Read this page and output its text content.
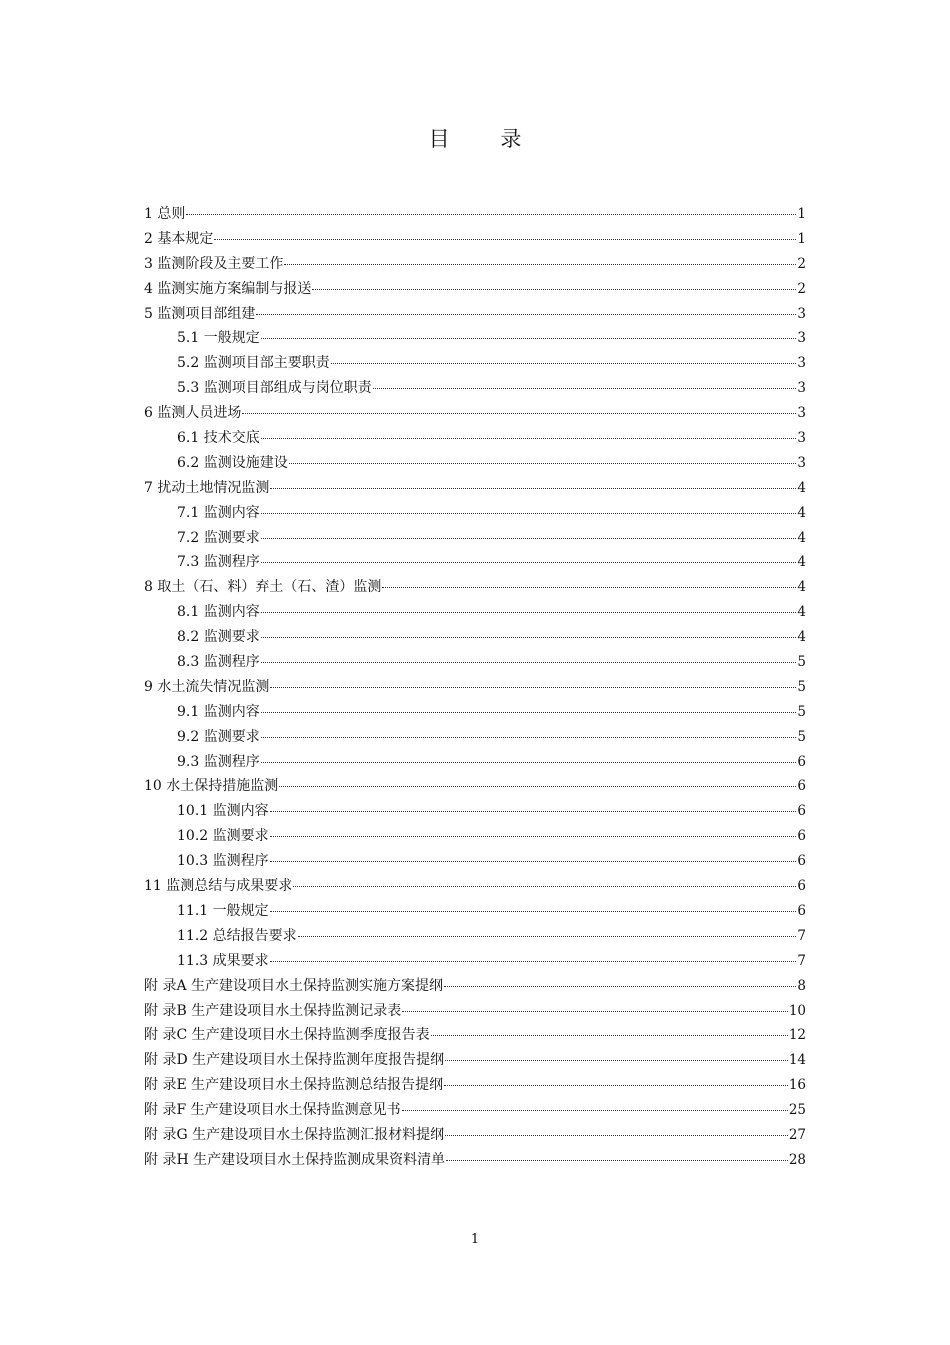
目 录
1 总则	1
2 基本规定	1
3 监测阶段及主要工作	2
4 监测实施方案编制与报送	2
5 监测项目部组建	3
5.1 一般规定	3
5.2 监测项目部主要职责	3
5.3 监测项目部组成与岗位职责	3
6 监测人员进场	3
6.1 技术交底	3
6.2 监测设施建设	3
7 扰动土地情况监测	4
7.1 监测内容	4
7.2 监测要求	4
7.3 监测程序	4
8 取土（石、料）弃土（石、渣）监测	4
8.1 监测内容	4
8.2 监测要求	4
8.3 监测程序	5
9 水土流失情况监测	5
9.1 监测内容	5
9.2 监测要求	5
9.3 监测程序	6
10 水土保持措施监测	6
10.1 监测内容	6
10.2 监测要求	6
10.3 监测程序	6
11 监测总结与成果要求	6
11.1 一般规定	6
11.2 总结报告要求	7
11.3 成果要求	7
附 录A 生产建设项目水土保持监测实施方案提纲	8
附 录B 生产建设项目水土保持监测记录表	10
附 录C 生产建设项目水土保持监测季度报告表	12
附 录D 生产建设项目水土保持监测年度报告提纲	14
附 录E 生产建设项目水土保持监测总结报告提纲	16
附 录F 生产建设项目水土保持监测意见书	25
附 录G 生产建设项目水土保持监测汇报材料提纲	27
附 录H 生产建设项目水土保持监测成果资料清单	28
1
